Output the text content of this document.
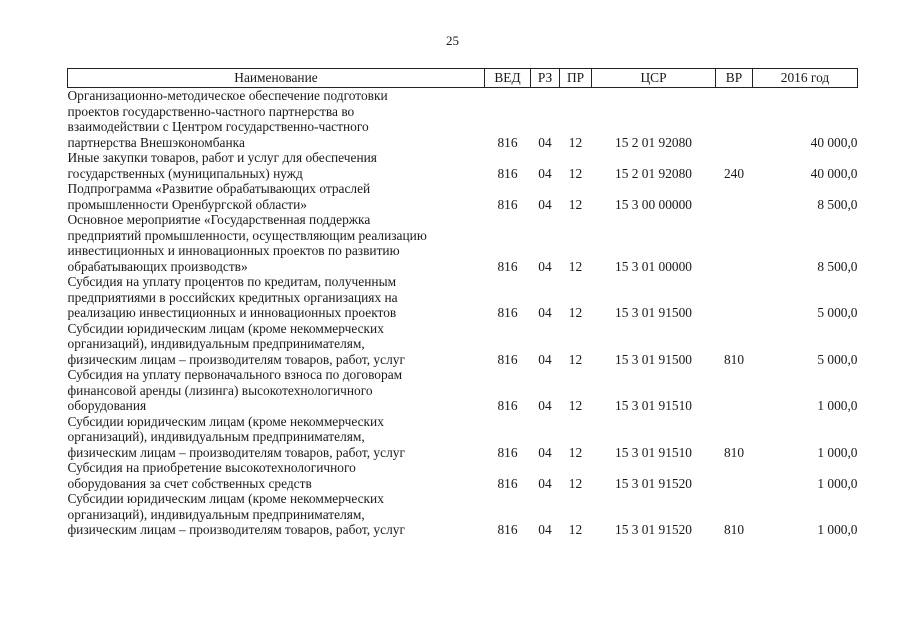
25
Наименование	ВЕД	РЗ	ПР	ЦСР	ВР	2016 год

Организационно-методическое обеспечение подготовки
проектов государственно-частного партнерства во
взаимодействии с Центром государственно-частного
партнерства Внешэкономбанка	816	04	12	15 2 01 92080		40 000,0

Иные закупки товаров, работ и услуг для обеспечения
государственных (муниципальных) нужд	816	04	12	15 2 01 92080	240	40 000,0

Подпрограмма «Развитие обрабатывающих отраслей
промышленности Оренбургской области»	816	04	12	15 3 00 00000		8 500,0

Основное мероприятие «Государственная поддержка
предприятий промышленности, осуществляющим реализацию
инвестиционных и инновационных проектов по развитию
обрабатывающих производств»	816	04	12	15 3 01 00000		8 500,0

Субсидия на уплату процентов по кредитам, полученным
предприятиями в российских кредитных организациях на
реализацию инвестиционных и инновационных проектов	816	04	12	15 3 01 91500		5 000,0

Субсидии юридическим лицам (кроме некоммерческих
организаций), индивидуальным предпринимателям,
физическим лицам – производителям товаров, работ, услуг	816	04	12	15 3 01 91500	810	5 000,0

Субсидия на уплату первоначального взноса по договорам
финансовой аренды (лизинга) высокотехнологичного
оборудования	816	04	12	15 3 01 91510		1 000,0

Субсидии юридическим лицам (кроме некоммерческих
организаций), индивидуальным предпринимателям,
физическим лицам – производителям товаров, работ, услуг	816	04	12	15 3 01 91510	810	1 000,0

Субсидия на приобретение высокотехнологичного
оборудования за счет собственных средств	816	04	12	15 3 01 91520		1 000,0

Субсидии юридическим лицам (кроме некоммерческих
организаций), индивидуальным предпринимателям,
физическим лицам – производителям товаров, работ, услуг	816	04	12	15 3 01 91520	810	1 000,0
